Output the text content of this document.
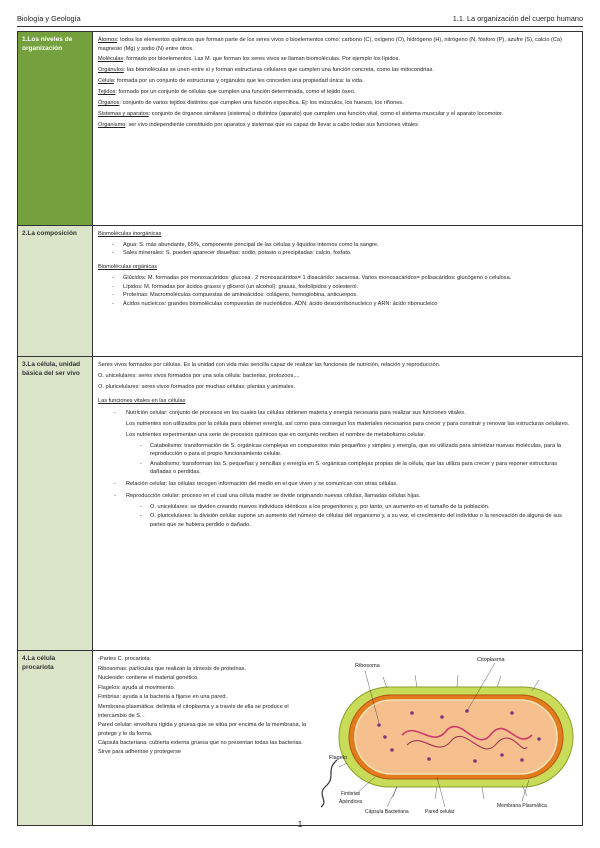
Biología y Geología	1.1. La organización del cuerpo humano
1.Los niveles de organización

Átomos: todos los elementos químicos que forman parte de los seres vivos o bioelementos como: carbono (C), oxígeno (O), hidrógeno (H), nitrógeno (N, fósforo (P), azufre (S), calcio (Ca) magnesio (Mg) y sodio (N) entre otros.

Moléculas: formado por bioelementos. Las M. que forman los seres vivos se llaman biomoléculas. Por ejemplo los lípidos.

Orgánulos: las biomoléculas se unen entre sí y forman estructuras celulares que cumplen una función concreta, como las mitocondrias.

Célula: formada por un conjunto de estructuras y orgánulos que les conceden una propiedad única: la vida.

Tejidos: formado por un conjunto de células que cumplen una función determinada, como el tejido óseo.

Órganos: conjunto de varios tejidos distintos que cumplen una función específica. Ej: los músculos, los huesos, los riñones.

Sistemas y aparatos: conjunto de órganos similares (sistema) o distintos (aparato) que cumplen una función vital, como el sistema muscular y el aparato locomotor.

Organismo: ser vivo independiente constituido por aparatos y sistemas que es capaz de llevar a cabo todas sus funciones vitales

2.La composición	Biomoléculas inorgánicas

- Agua: S. más abundante, 65%, componente principal de las células y líquidos internos como la sangre.
- Sales minerales: S. pueden aparecer disueltas: sodio, potasio o precipitadas: calcio, fosfato.

Biomoléculas orgánicas

- Glúcidos: M. formadas por monosacáridos: glucosa . 2 monosacáridos= 1 disacárido: sacarosa. Varios monosacáridos= polisacáridos: glucógeno o celulosa.
- Lípidos: M. formadas por ácidos grasos y glicerol (un alcohol): grasas, fosfolípidos y colesterol.
- Proteínas: Macromoléculas compuestas de aminoácidos: colágeno, hemoglobina, anticuerpos.
- Ácidos nucleicos: grandes biomoléculas compuestas de nucleótidos. ADN: ácido desoxirribonucleico y ARN: ácido ribonucleico
3.La célula, unidad básica del ser vivo

Seres vivos formados por células. Es la unidad con vida más sencilla capaz de realizar las funciones de nutrición, relación y reproducción.

O. unicelulares: seres vivos formados por una sola célula: bacterias, protozoos,...

O. pluricelulares: seres vivos formados por muchas células: plantas y animales.

Las funciones vitales en las células

- Nutrición celular: conjunto de procesos en los cuales las células obtienen materia y energía necesaria para realizar sus funciones vitales.

Los nutrientes son utilizados por la célula para obtener energía, así como para conseguir los materiales necesarios para crecer y para construir y renovar las estructuras celulares.

Los nutrientes experimentan una serie de procesos químicos que en conjunto reciben el nombre de metabolismo celular.

- Catabolismo: transformación de S. orgánicas complejas en compuestos más pequeños y simples y energía, que es utilizada para sintetizar nuevas moléculas, para la reproducción o para el propio funcionamiento celular.
- Anabolismo: transforman las S. pequeñas y sencillas y energía en S. orgánicas complejas propias de la célula, que las utiliza para crecer y para reponer estructuras dañadas o perdidas.
- Relación celular: las células recogen información del medio en el que viven y se comunican con otras células.

- Reproducción celular: proceso en el cual una célula madre se divide originando nuevas células, llamadas células hijas.

- O. unicelulares: se dividen creando nuevos individuos idénticos a los progenitores y, por tanto, un aumento en el tamaño de la población.
- O. pluricelulares: la división celular supone un aumento del número de células del organismo y, a su vez, el crecimiento del individuo o la renovación de alguna de sus partes que se hubiera perdido o dañado.
4.La célula procariota

-Partes C. procariota:

Ribosomas: partículas que realizan la síntesis de proteínas.

Nucleoide: contiene el material genético.

Flagelos: ayuda al movimiento.

Fimbrias: ayuda a la bacteria a fijarse en una pared.

Membrana plasmática: delimita el citoplasma y a través de ella se produce el intercambio de S. .

Pared celular: envoltura rígida y gruesa que se sitúa por encima de la membrana, la protege y le da forma.

Cápsula bacteriana: cubierta externa gruesa que no presentan todas las bacterias. Sirve para adherirse y protegerse

Ribosoma
Citoplasma
Flagelo
Fimbrias
Apéndices
Cápsula Bacteriana	Pared celular
Membrana Plasmática
1
